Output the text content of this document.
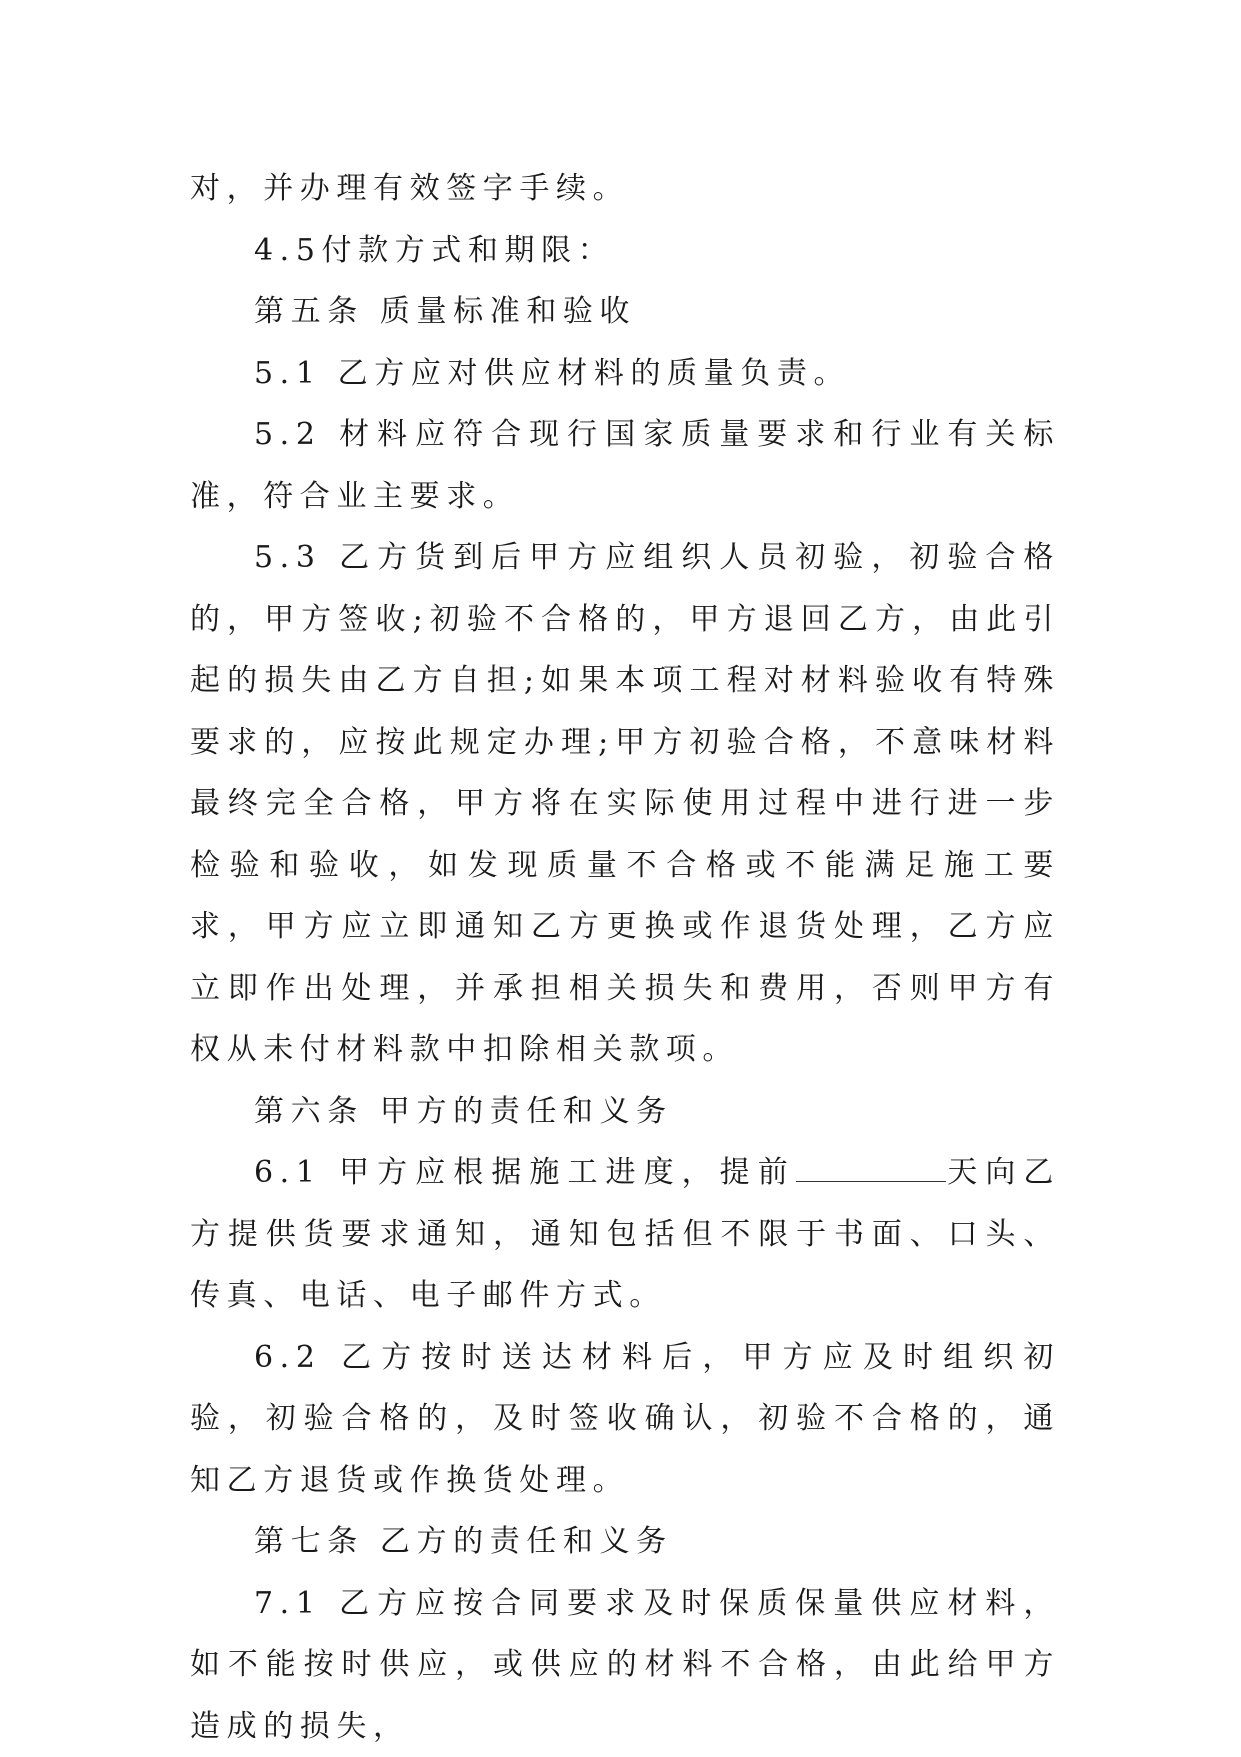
对，并办理有效签字手续。

4.5付款方式和期限：

第五条 质量标准和验收

5.1 乙方应对供应材料的质量负责。

5.2 材料应符合现行国家质量要求和行业有关标准，符合业主要求。

5.3 乙方货到后甲方应组织人员初验，初验合格的，甲方签收;初验不合格的，甲方退回乙方，由此引起的损失由乙方自担;如果本项工程对材料验收有特殊要求的，应按此规定办理;甲方初验合格，不意味材料最终完全合格，甲方将在实际使用过程中进行进一步检验和验收，如发现质量不合格或不能满足施工要求，甲方应立即通知乙方更换或作退货处理，乙方应立即作出处理，并承担相关损失和费用，否则甲方有权从未付材料款中扣除相关款项。

第六条 甲方的责任和义务

6.1 甲方应根据施工进度，提前	天向乙方提供货要求通知，通知包括但不限于书面、口头、传真、电话、电子邮件方式。

6.2 乙方按时送达材料后，甲方应及时组织初验，初验合格的，及时签收确认，初验不合格的，通知乙方退货或作换货处理。

第七条 乙方的责任和义务

7.1 乙方应按合同要求及时保质保量供应材料，如不能按时供应，或供应的材料不合格，由此给甲方造成的损失，
